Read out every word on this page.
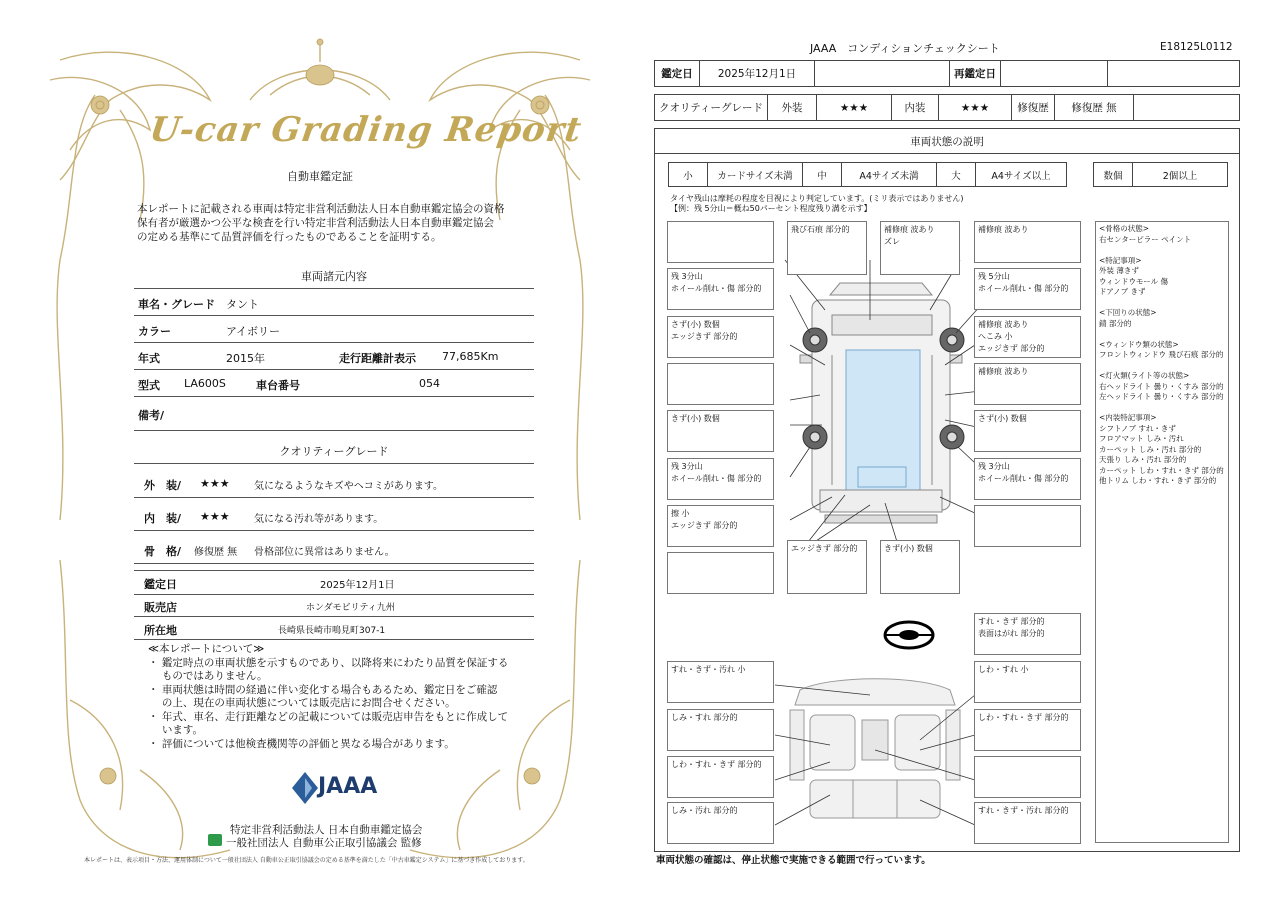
U-car Grading Report
自動車鑑定証
本レポートに記載される車両は特定非営利活動法人日本自動車鑑定協会の資格
保有者が厳選かつ公平な検査を行い特定非営利活動法人日本自動車鑑定協会
の定める基準にて品質評価を行ったものであることを証明する。
車両諸元内容
車名・グレード タント
カラー	アイボリー
年式	2015年	走行距離計表示 77,685Km
型式 LA600S	車台番号	054
備考/
クオリティーグレード
外　装/ ★★★ 気になるようなキズやヘコミがあります。
内　装/ ★★★ 気になる汚れ等があります。
骨　格/ 修復歴 無 骨格部位に異常はありません。
鑑定日	2025年12月1日
販売店	ホンダモビリティ九州
所在地	長崎県長崎市鳴見町307-1
≪本レポートについて≫
・ 鑑定時点の車両状態を示すものであり、以降将来にわたり品質を保証する
　 ものではありません。
・ 車両状態は時間の経過に伴い変化する場合もあるため、鑑定日をご確認
　 の上、現在の車両状態については販売店にお問合せください。
・ 年式、車名、走行距離などの記載については販売店申告をもとに作成して
　 います。
・ 評価については他検査機関等の評価と異なる場合があります。
JAAA
特定非営利活動法人 日本自動車鑑定協会
一般社団法人 自動車公正取引協議会 監修
本レポートは、表示項目・方法、運用体制について一般社団法人 自動車公正取引協議会の定める基準を満たした「中古車鑑定システム」に基づき作成しております。
JAAA　コンディションチェックシート	E18125L0112
鑑定日	2025年12月1日	再鑑定日
クオリティーグレード	外装	★★★	内装	★★★	修復歴	修復歴 無
車両状態の説明
小	カードサイズ未満	中	A4サイズ未満	大	A4サイズ以上	数個	2個以上
タイヤ残山は摩耗の程度を目視により判定しています。(ミリ表示ではありません)
【例：残 5分山＝概ね50パーセント程度残り溝を示す】
飛び石痕 部分的	補修痕 波あり
ズレ
補修痕 波あり
残 3分山
ホイール削れ・傷 部分的
残 5分山
ホイール削れ・傷 部分的
さず(小) 数個
エッジきず 部分的
補修痕 波あり
へこみ 小
エッジきず 部分的
補修痕 波あり
きず(小) 数個	さず(小) 数個
残 3分山
ホイール削れ・傷 部分的
残 3分山
ホイール削れ・傷 部分的
擦 小
エッジきず 部分的
エッジきず 部分的	きず(小) 数個
<骨格の状態>
右センターピラー ペイント

<特記事項>
外装 薄きず
ウィンドウモール 傷
ドアノブ きず

<下回りの状態>
錆 部分的

<ウィンドウ類の状態>
フロントウィンドウ 飛び石痕 部分的

<灯火類(ライト等の状態>
右ヘッドライト 曇り・くすみ 部分的
左ヘッドライト 曇り・くすみ 部分的

<内装特記事項>
シフトノブ すれ・きず
フロアマット しみ・汚れ
カーペット しみ・汚れ 部分的
天張り しみ・汚れ 部分的
カーペット しわ・すれ・きず 部分的
他トリム しわ・すれ・きず 部分的
すれ・きず 部分的
表面はがれ 部分的
すれ・きず・汚れ 小	しわ・すれ 小
しみ・すれ 部分的	しわ・すれ・きず 部分的
しわ・すれ・きず 部分的
しみ・汚れ 部分的	すれ・きず・汚れ 部分的
車両状態の確認は、停止状態で実施できる範囲で行っています。
